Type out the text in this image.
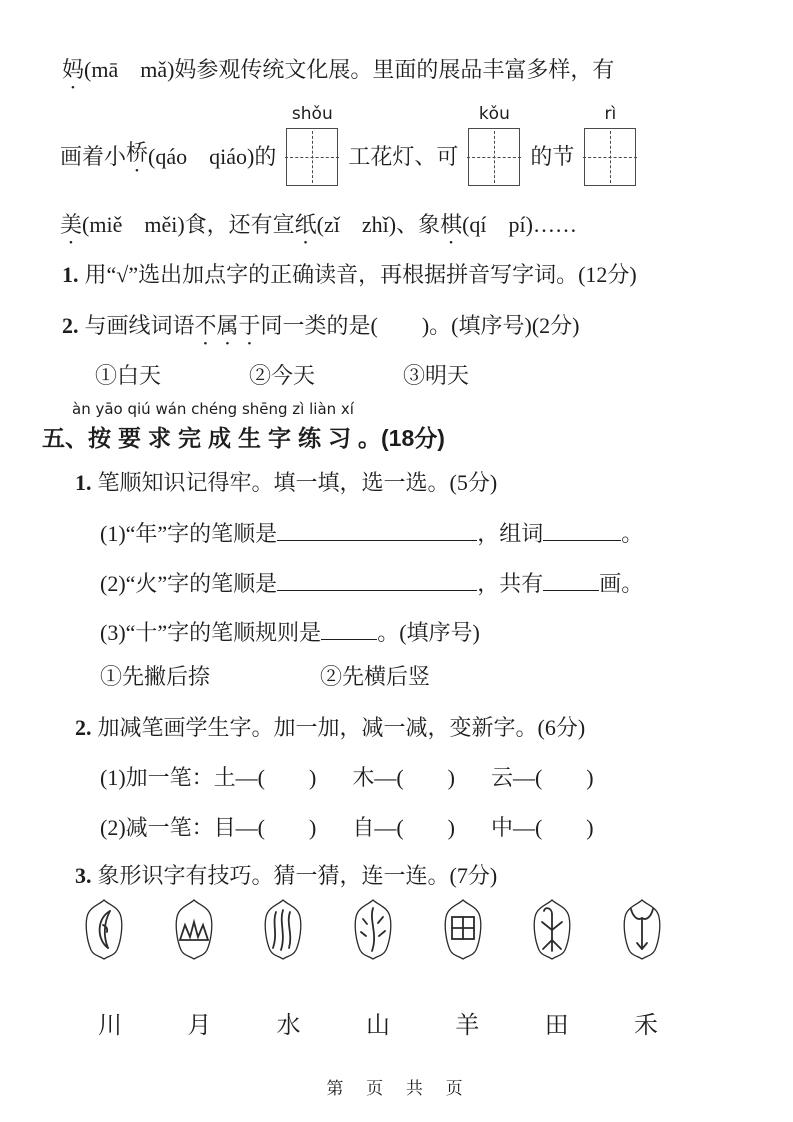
妈(mā　mǎ)妈参观传统文化展。里面的展品丰富多样，有
画着小 桥 (qáo　qiáo)的
shǒu
工花灯、可
kǒu
的节
rì
美(miě　měi)食，还有宣纸(zǐ　zhǐ)、象棋(qí　pí)……
1. 用“√”选出加点字的正确读音，再根据拼音写字词。(12分)
2. 与画线词语不属于同一类的是(　　)。(填序号)(2分)
①白天	②今天	③明天
àn yāo qiú wán chéng shēng zì liàn xí
五、按要求完成生字练习。(18分)
1. 笔顺知识记得牢。填一填，选一选。(5分)
(1)“年”字的笔顺是	，组词	。
(2)“火”字的笔顺是	，共有	画。
(3)“十”字的笔顺规则是	。(填序号)
①先撇后捺	②先横后竖
2. 加减笔画学生字。加一加，减一减，变新字。(6分)
(1)加一笔： 土—(　　) 木—(　　) 云—(　　)
(2)减一笔： 目—(　　) 自—(　　) 中—(　　)
3. 象形识字有技巧。猜一猜，连一连。(7分)
川	月	水	山	羊	田	禾
第 页 共 页
